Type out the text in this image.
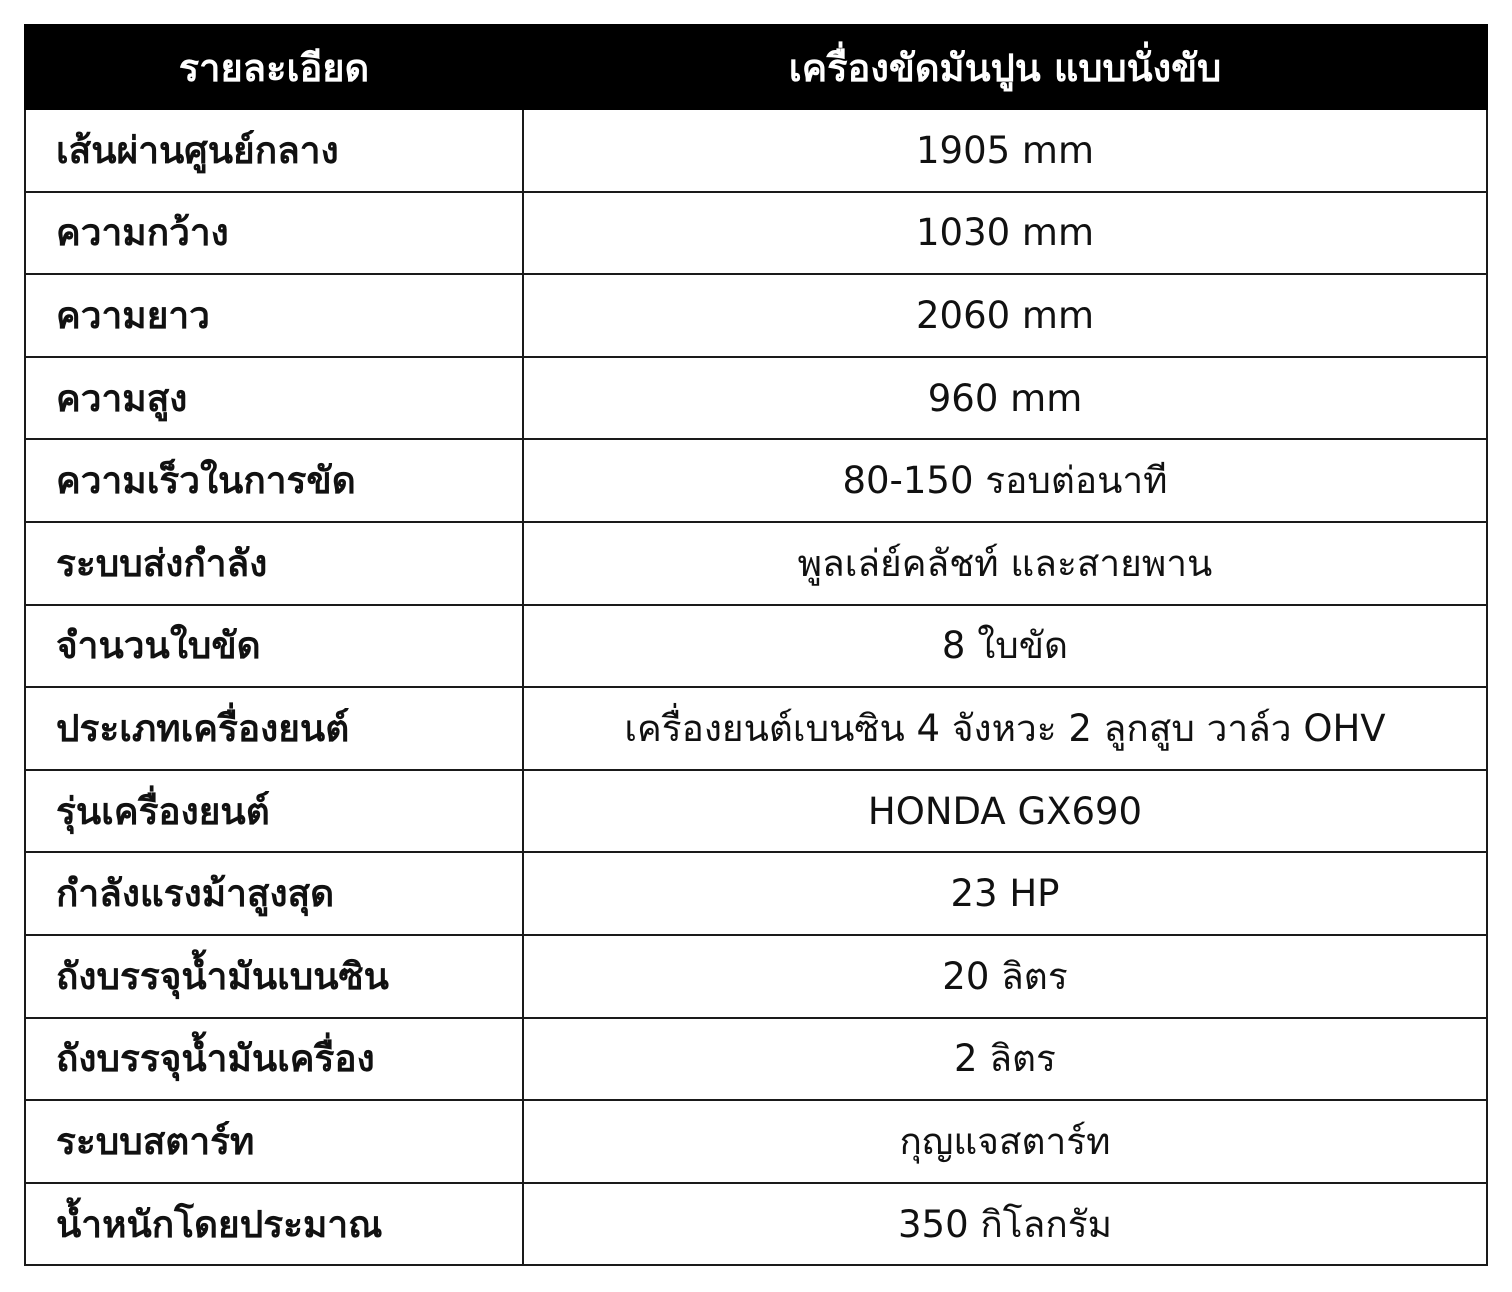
รายละเอียด	เครื่องขัดมันปูน แบบนั่งขับ
เส้นผ่านศูนย์กลาง	1905 mm
ความกว้าง	1030 mm
ความยาว	2060 mm
ความสูง	960 mm
ความเร็วในการขัด	80-150 รอบต่อนาที
ระบบส่งกำลัง	พูลเล่ย์คลัชท์ และสายพาน
จำนวนใบขัด	8 ใบขัด
ประเภทเครื่องยนต์	เครื่องยนต์เบนซิน 4 จังหวะ 2 ลูกสูบ วาล์ว OHV
รุ่นเครื่องยนต์	HONDA GX690
กำลังแรงม้าสูงสุด	23 HP
ถังบรรจุน้ำมันเบนซิน	20 ลิตร
ถังบรรจุน้ำมันเครื่อง	2 ลิตร
ระบบสตาร์ท	กุญแจสตาร์ท
น้ำหนักโดยประมาณ	350 กิโลกรัม
